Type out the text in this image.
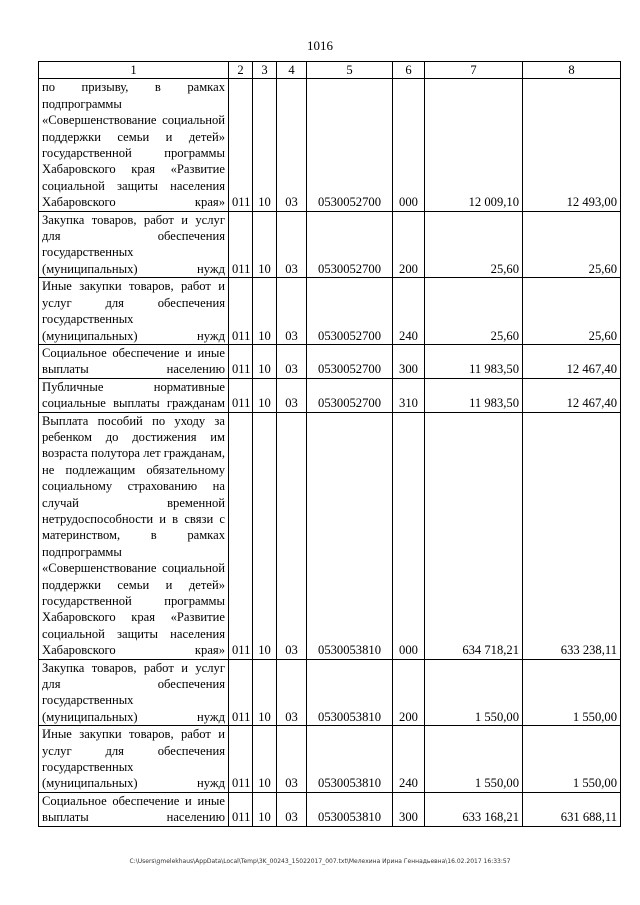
1016
1	2	3	4	5	6	7	8
по призыву, в рамках подпрограммы «Совершенствование социальной поддержки семьи и детей» государственной программы Хабаровского края «Развитие социальной защиты населения Хабаровского края»	011	10	03	0530052700	000	12 009,10	12 493,00
Закупка товаров, работ и услуг для обеспечения государственных (муниципальных) нужд	011	10	03	0530052700	200	25,60	25,60
Иные закупки товаров, работ и услуг для обеспечения государственных (муниципальных) нужд	011	10	03	0530052700	240	25,60	25,60
Социальное обеспечение и иные выплаты населению	011	10	03	0530052700	300	11 983,50	12 467,40
Публичные нормативные социальные выплаты гражданам	011	10	03	0530052700	310	11 983,50	12 467,40
Выплата пособий по уходу за ребенком до достижения им возраста полутора лет гражданам, не подлежащим обязательному социальному страхованию на случай временной нетрудоспособности и в связи с материнством, в рамках подпрограммы «Совершенствование социальной поддержки семьи и детей» государственной программы Хабаровского края «Развитие социальной защиты населения Хабаровского края»	011	10	03	0530053810	000	634 718,21	633 238,11
Закупка товаров, работ и услуг для обеспечения государственных (муниципальных) нужд	011	10	03	0530053810	200	1 550,00	1 550,00
Иные закупки товаров, работ и услуг для обеспечения государственных (муниципальных) нужд	011	10	03	0530053810	240	1 550,00	1 550,00
Социальное обеспечение и иные выплаты населению	011	10	03	0530053810	300	633 168,21	631 688,11
C:\Users\gmelekhaus\AppData\Local\Temp\3K_00243_15022017_007.txt\Мелехина Ирина Геннадьевна\16.02.2017 16:33:57
